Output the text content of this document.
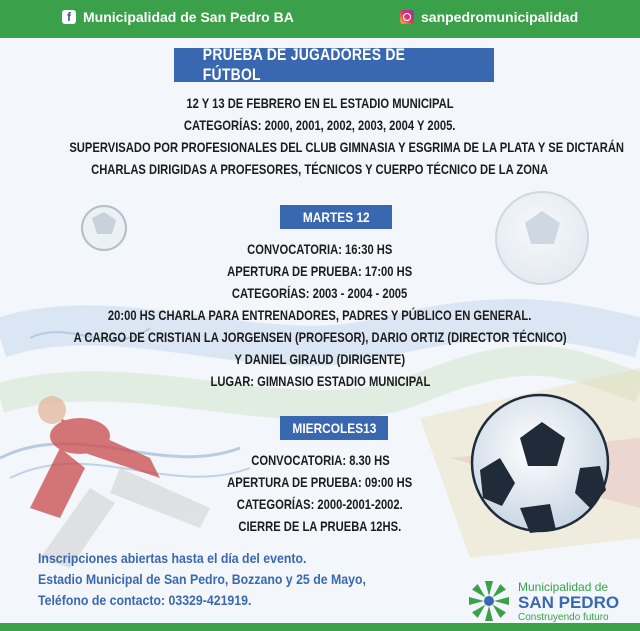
f Municipalidad de San Pedro BA	sanpedromunicipalidad
PRUEBA DE JUGADORES DE FÚTBOL
12 Y 13 DE FEBRERO EN EL ESTADIO MUNICIPAL
CATEGORÍAS: 2000, 2001, 2002, 2003, 2004 Y 2005.
SUPERVISADO POR PROFESIONALES DEL CLUB GIMNASIA Y ESGRIMA DE LA PLATA Y SE DICTARÁN
CHARLAS DIRIGIDAS A PROFESORES, TÉCNICOS Y CUERPO TÉCNICO DE LA ZONA
MARTES 12
CONVOCATORIA: 16:30 HS
APERTURA DE PRUEBA: 17:00 HS
CATEGORÍAS: 2003 - 2004 - 2005
20:00 HS CHARLA PARA ENTRENADORES, PADRES Y PÚBLICO EN GENERAL.
A CARGO DE CRISTIAN LA JORGENSEN (PROFESOR), DARIO ORTIZ (DIRECTOR TÉCNICO)
Y DANIEL GIRAUD (DIRIGENTE)
LUGAR: GIMNASIO ESTADIO MUNICIPAL
MIERCOLES13
CONVOCATORIA: 8.30 HS
APERTURA DE PRUEBA: 09:00 HS
CATEGORÍAS: 2000-2001-2002.
CIERRE DE LA PRUEBA 12HS.
Inscripciones abiertas hasta el día del evento.
Estadio Municipal de San Pedro, Bozzano y 25 de Mayo,
Teléfono de contacto: 03329-421919.
Municipalidad de
SAN PEDRO
Construyendo futuro
